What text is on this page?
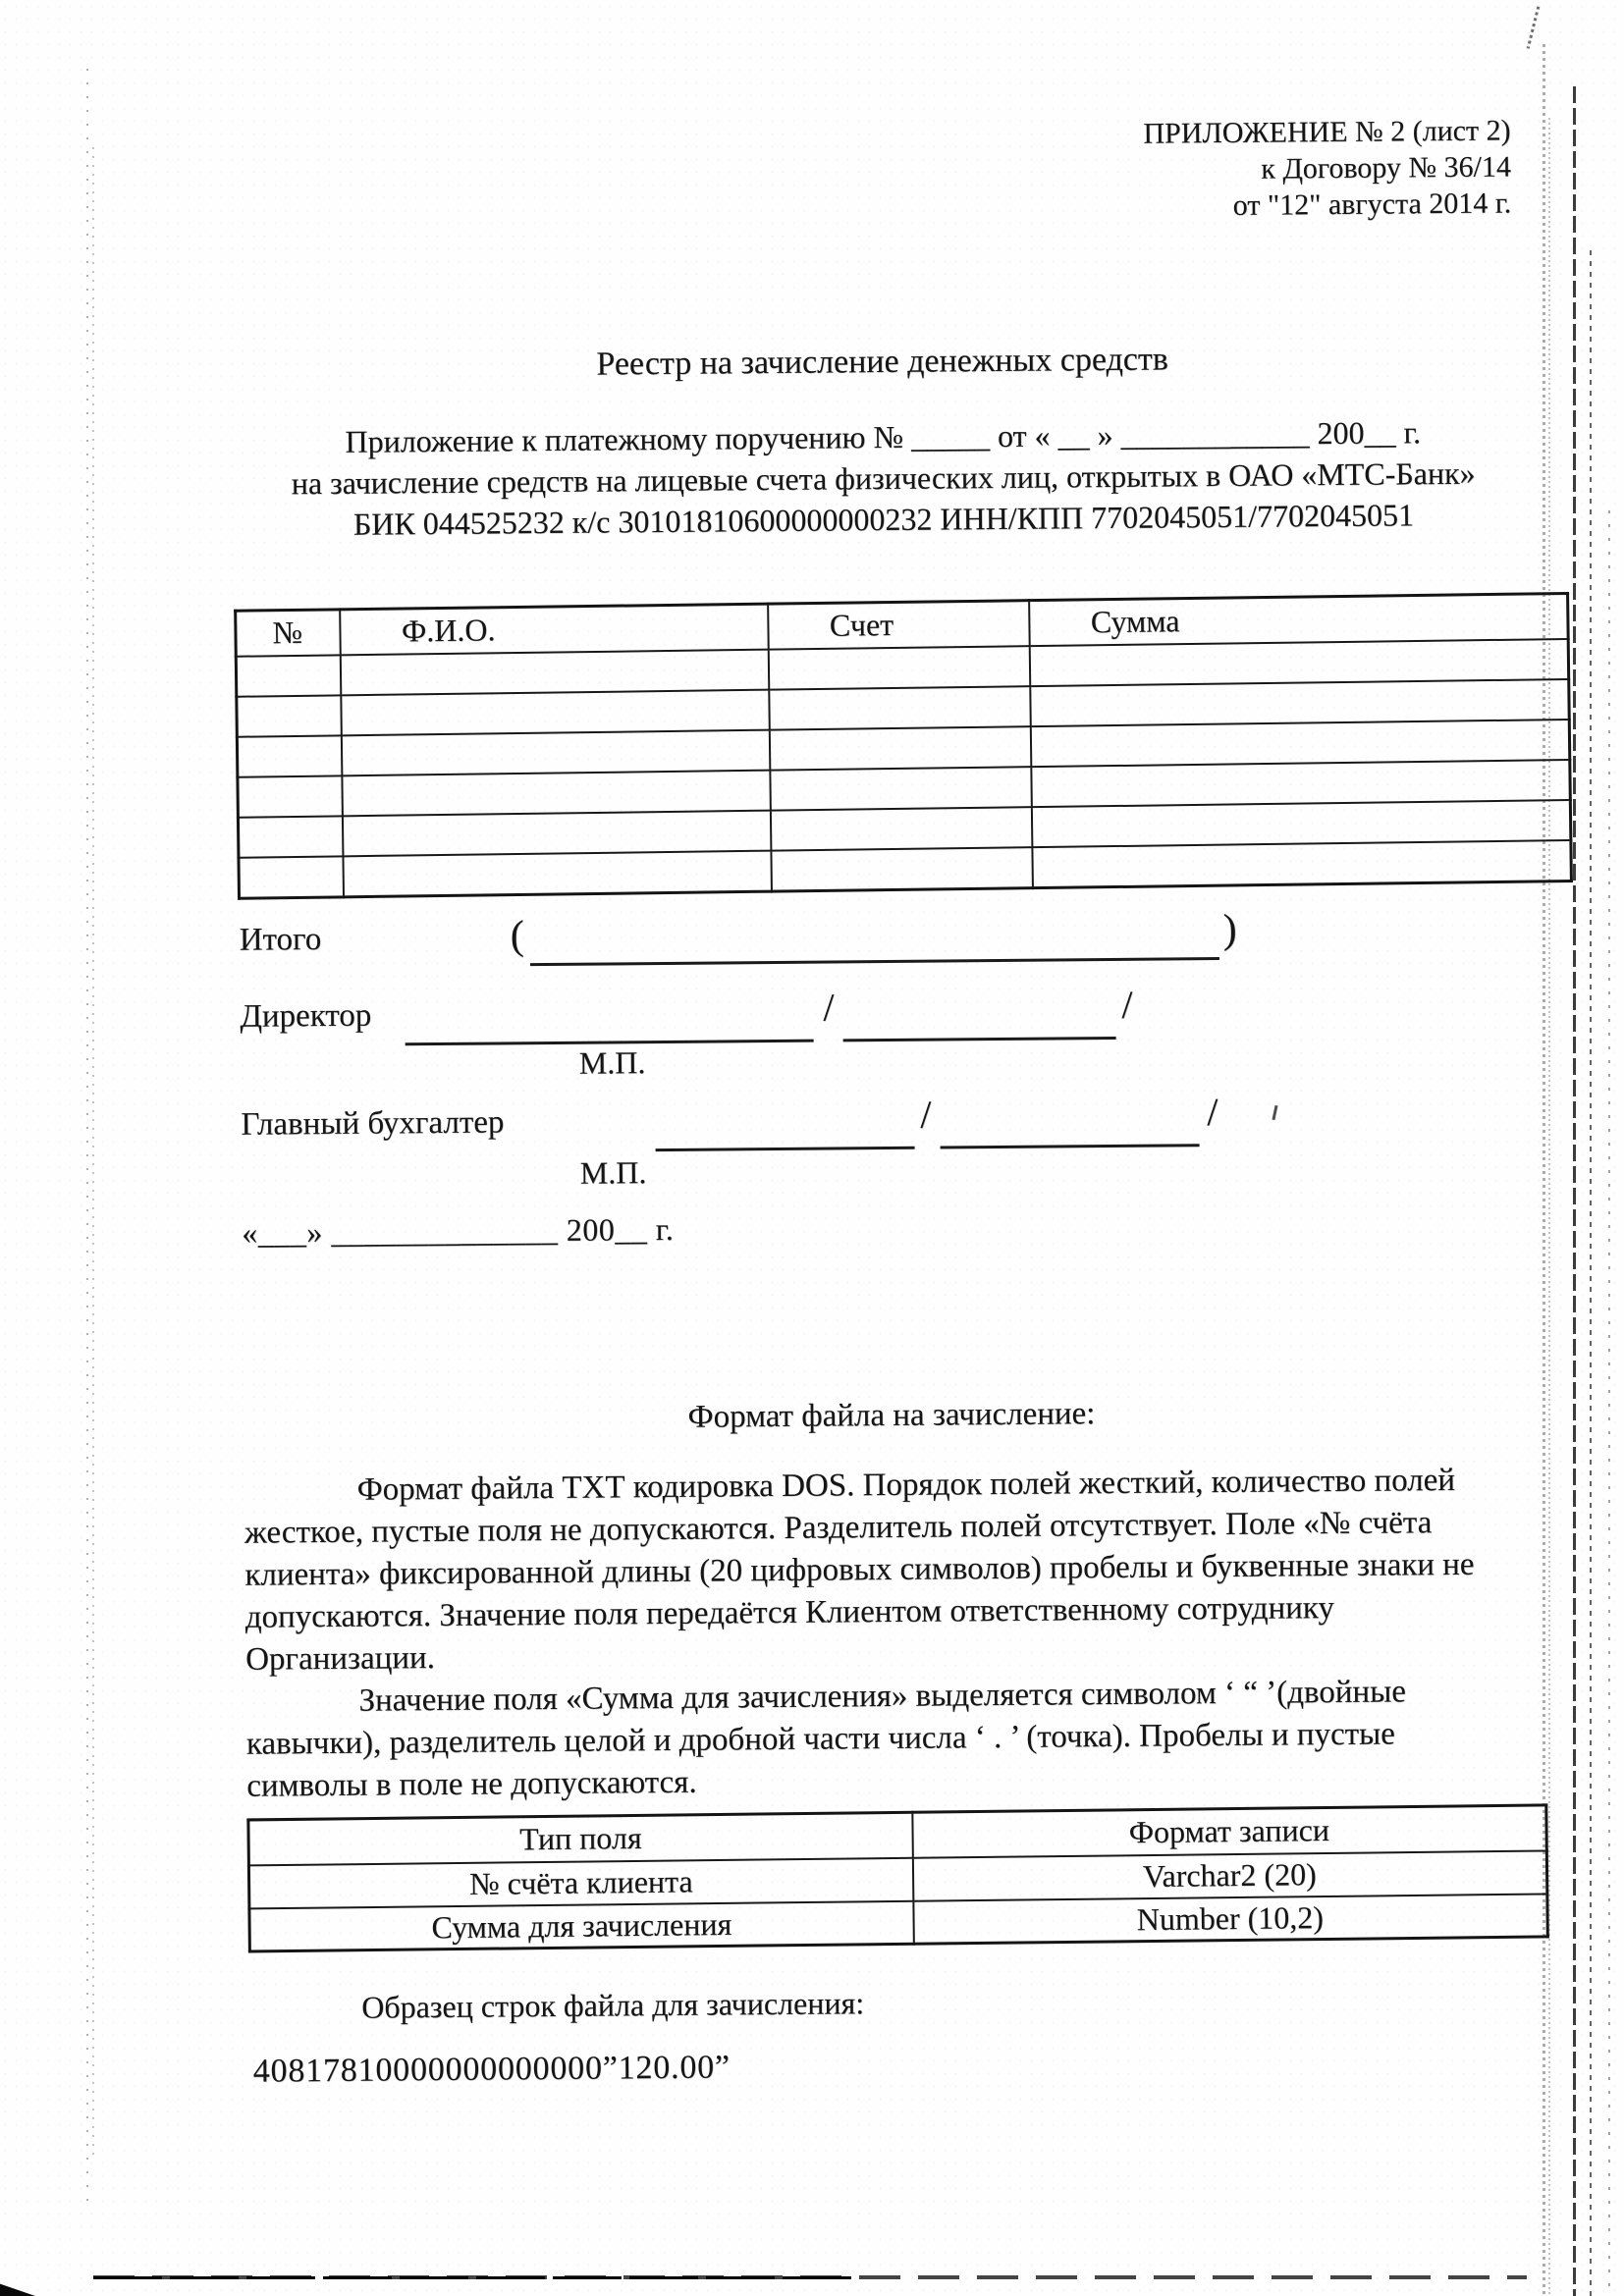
ПРИЛОЖЕНИЕ № 2 (лист 2)
к Договору № 36/14
от "12" августа 2014 г.
Реестр на зачисление денежных средств
Приложение к платежному поручению № _____ от « __ » ____________ 200__ г.
на зачисление средств на лицевые счета физических лиц, открытых в ОАО «МТС-Банк»
БИК 044525232 к/с 30101810600000000232 ИНН/КПП 7702045051/7702045051
№	Ф.И.О.	Счет	Сумма

Итого	(	)
Директор	/	/
М.П.
Главный бухгалтер	/	/
М.П.
«___» ______________ 200__ г.
Формат файла на зачисление:
Формат файла ТХТ кодировка DOS. Порядок полей жесткий, количество полей
жесткое, пустые поля не допускаются. Разделитель полей отсутствует. Поле «№ счёта
клиента» фиксированной длины (20 цифровых символов) пробелы и буквенные знаки не
допускаются. Значение поля передаётся Клиентом ответственному сотруднику
Организации.
Значение поля «Сумма для зачисления» выделяется символом ‘ “ ’(двойные
кавычки), разделитель целой и дробной части числа ‘ . ’ (точка). Пробелы и пустые
символы в поле не допускаются.
Тип поля	Формат записи
№ счёта клиента	Varchar2 (20)
Сумма для зачисления	Number (10,2)
Образец строк файла для зачисления:
40817810000000000000”120.00”
